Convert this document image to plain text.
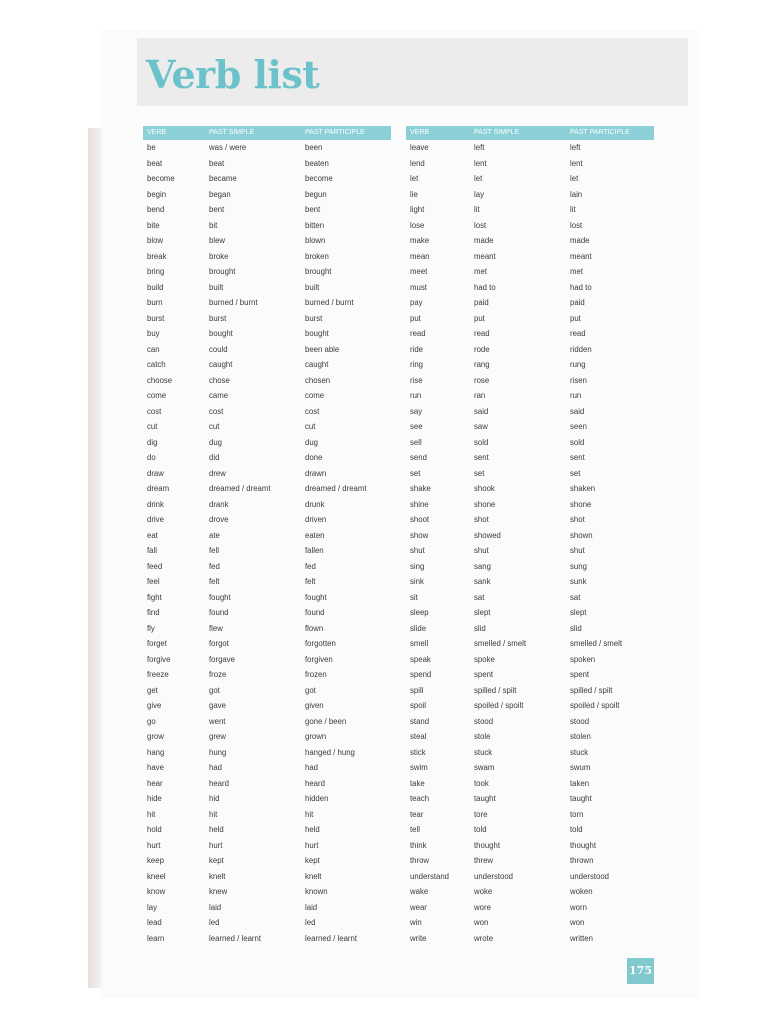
Verb list
VERB	PAST SIMPLE	PAST PARTICIPLE
be	was / were	been
beat	beat	beaten
become	became	become
begin	began	begun
bend	bent	bent
bite	bit	bitten
blow	blew	blown
break	broke	broken
bring	brought	brought
build	built	built
burn	burned / burnt	burned / burnt
burst	burst	burst
buy	bought	bought
can	could	been able
catch	caught	caught
choose	chose	chosen
come	came	come
cost	cost	cost
cut	cut	cut
dig	dug	dug
do	did	done
draw	drew	drawn
dream	dreamed / dreamt	dreamed / dreamt
drink	drank	drunk
drive	drove	driven
eat	ate	eaten
fall	fell	fallen
feed	fed	fed
feel	felt	felt
fight	fought	fought
find	found	found
fly	flew	flown
forget	forgot	forgotten
forgive	forgave	forgiven
freeze	froze	frozen
get	got	got
give	gave	given
go	went	gone / been
grow	grew	grown
hang	hung	hanged / hung
have	had	had
hear	heard	heard
hide	hid	hidden
hit	hit	hit
hold	held	held
hurt	hurt	hurt
keep	kept	kept
kneel	knelt	knelt
know	knew	known
lay	laid	laid
lead	led	led
learn	learned / learnt	learned / learnt
VERB	PAST SIMPLE	PAST PARTICIPLE
leave	left	left
lend	lent	lent
let	let	let
lie	lay	lain
light	lit	lit
lose	lost	lost
make	made	made
mean	meant	meant
meet	met	met
must	had to	had to
pay	paid	paid
put	put	put
read	read	read
ride	rode	ridden
ring	rang	rung
rise	rose	risen
run	ran	run
say	said	said
see	saw	seen
sell	sold	sold
send	sent	sent
set	set	set
shake	shook	shaken
shine	shone	shone
shoot	shot	shot
show	showed	shown
shut	shut	shut
sing	sang	sung
sink	sank	sunk
sit	sat	sat
sleep	slept	slept
slide	slid	slid
smell	smelled / smelt	smelled / smelt
speak	spoke	spoken
spend	spent	spent
spill	spilled / spilt	spilled / spilt
spoil	spoiled / spoilt	spoiled / spoilt
stand	stood	stood
steal	stole	stolen
stick	stuck	stuck
swim	swam	swum
take	took	taken
teach	taught	taught
tear	tore	torn
tell	told	told
think	thought	thought
throw	threw	thrown
understand	understood	understood
wake	woke	woken
wear	wore	worn
win	won	won
write	wrote	written
175
